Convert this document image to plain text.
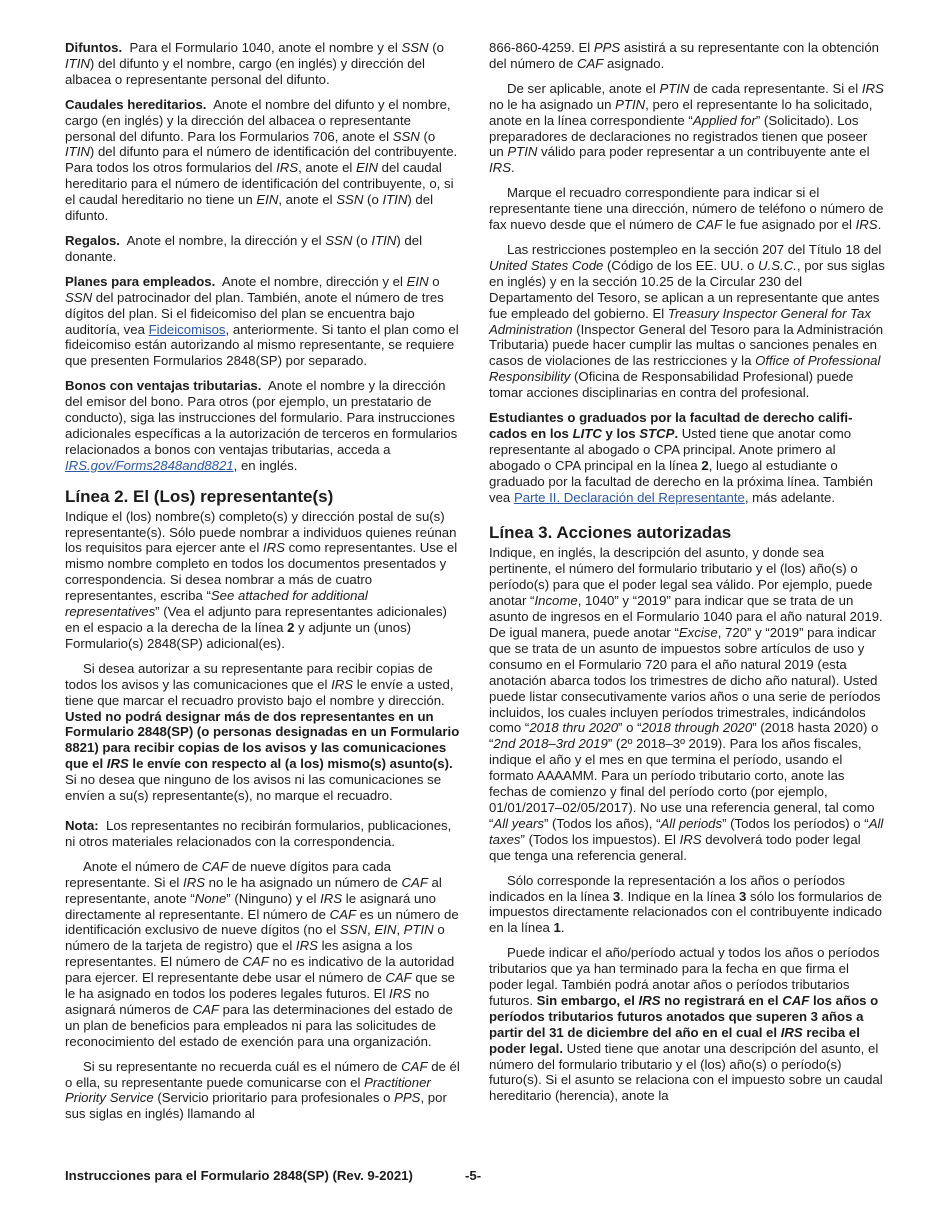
Difuntos. Para el Formulario 1040, anote el nombre y el SSN (o ITIN) del difunto y el nombre, cargo (en inglés) y dirección del albacea o representante personal del difunto.

Caudales hereditarios. Anote el nombre del difunto y el nombre, cargo (en inglés) y la dirección del albacea o representante personal del difunto. Para los Formularios 706, anote el SSN (o ITIN) del difunto para el número de identificación del contribuyente. Para todos los otros formularios del IRS, anote el EIN del caudal hereditario para el número de identificación del contribuyente, o, si el caudal hereditario no tiene un EIN, anote el SSN (o ITIN) del difunto.

Regalos. Anote el nombre, la dirección y el SSN (o ITIN) del donante.

Planes para empleados. Anote el nombre, dirección y el EIN o SSN del patrocinador del plan. También, anote el número de tres dígitos del plan. Si el fideicomiso del plan se encuentra bajo auditoría, vea Fideicomisos, anteriormente. Si tanto el plan como el fideicomiso están autorizando al mismo representante, se requiere que presenten Formularios 2848(SP) por separado.

Bonos con ventajas tributarias. Anote el nombre y la dirección del emisor del bono. Para otros (por ejemplo, un prestatario de conducto), siga las instrucciones del formulario. Para instrucciones adicionales específicas a la autorización de terceros en formularios relacionados a bonos con ventajas tributarias, acceda a IRS.gov/Forms2848and8821, en inglés.

Línea 2. El (Los) representante(s)

Indique el (los) nombre(s) completo(s) y dirección postal de su(s) representante(s). Sólo puede nombrar a individuos quienes reúnan los requisitos para ejercer ante el IRS como representantes. Use el mismo nombre completo en todos los documentos presentados y correspondencia. Si desea nombrar a más de cuatro representantes, escriba “See attached for additional representatives” (Vea el adjunto para representantes adicionales) en el espacio a la derecha de la línea 2 y adjunte un (unos) Formulario(s) 2848(SP) adicional(es).

Si desea autorizar a su representante para recibir copias de todos los avisos y las comunicaciones que el IRS le envíe a usted, tiene que marcar el recuadro provisto bajo el nombre y dirección. Usted no podrá designar más de dos representantes en un Formulario 2848(SP) (o personas designadas en un Formulario 8821) para recibir copias de los avisos y las comunicaciones que el IRS le envíe con respecto al (a los) mismo(s) asunto(s). Si no desea que ninguno de los avisos ni las comunicaciones se envíen a su(s) representante(s), no marque el recuadro.

Nota: Los representantes no recibirán formularios, publicaciones, ni otros materiales relacionados con la correspondencia.

Anote el número de CAF de nueve dígitos para cada representante. Si el IRS no le ha asignado un número de CAF al representante, anote “None” (Ninguno) y el IRS le asignará uno directamente al representante. El número de CAF es un número de identificación exclusivo de nueve dígitos (no el SSN, EIN, PTIN o número de la tarjeta de registro) que el IRS les asigna a los representantes. El número de CAF no es indicativo de la autoridad para ejercer. El representante debe usar el número de CAF que se le ha asignado en todos los poderes legales futuros. El IRS no asignará números de CAF para las determinaciones del estado de un plan de beneficios para empleados ni para las solicitudes de reconocimiento del estado de exención para una organización.

Si su representante no recuerda cuál es el número de CAF de él o ella, su representante puede comunicarse con el Practitioner Priority Service (Servicio prioritario para profesionales o PPS, por sus siglas en inglés) llamando al

866-860-4259. El PPS asistirá a su representante con la obtención del número de CAF asignado.

De ser aplicable, anote el PTIN de cada representante. Si el IRS no le ha asignado un PTIN, pero el representante lo ha solicitado, anote en la línea correspondiente “Applied for” (Solicitado). Los preparadores de declaraciones no registrados tienen que poseer un PTIN válido para poder representar a un contribuyente ante el IRS.

Marque el recuadro correspondiente para indicar si el representante tiene una dirección, número de teléfono o número de fax nuevo desde que el número de CAF le fue asignado por el IRS.

Las restricciones postempleo en la sección 207 del Título 18 del United States Code (Código de los EE. UU. o U.S.C., por sus siglas en inglés) y en la sección 10.25 de la Circular 230 del Departamento del Tesoro, se aplican a un representante que antes fue empleado del gobierno. El Treasury Inspector General for Tax Administration (Inspector General del Tesoro para la Administración Tributaria) puede hacer cumplir las multas o sanciones penales en casos de violaciones de las restricciones y la Office of Professional Responsibility (Oficina de Responsabilidad Profesional) puede tomar acciones disciplinarias en contra del profesional.

Estudiantes o graduados por la facultad de derecho califi-cados en los LITC y los STCP. Usted tiene que anotar como representante al abogado o CPA principal. Anote primero al abogado o CPA principal en la línea 2, luego al estudiante o graduado por la facultad de derecho en la próxima línea. También vea Parte II. Declaración del Representante, más adelante.

Línea 3. Acciones autorizadas

Indique, en inglés, la descripción del asunto, y donde sea pertinente, el número del formulario tributario y el (los) año(s) o período(s) para que el poder legal sea válido. Por ejemplo, puede anotar “Income, 1040” y “2019” para indicar que se trata de un asunto de ingresos en el Formulario 1040 para el año natural 2019. De igual manera, puede anotar “Excise, 720” y “2019” para indicar que se trata de un asunto de impuestos sobre artículos de uso y consumo en el Formulario 720 para el año natural 2019 (esta anotación abarca todos los trimestres de dicho año natural). Usted puede listar consecutivamente varios años o una serie de períodos incluidos, los cuales incluyen períodos trimestrales, indicándolos como “2018 thru 2020” o “2018 through 2020” (2018 hasta 2020) o “2nd 2018–3rd 2019” (2º 2018–3º 2019). Para los años fiscales, indique el año y el mes en que termina el período, usando el formato AAAAMM. Para un período tributario corto, anote las fechas de comienzo y final del período corto (por ejemplo, 01/01/2017–02/05/2017). No use una referencia general, tal como “All years” (Todos los años), “All periods” (Todos los períodos) o “All taxes” (Todos los impuestos). El IRS devolverá todo poder legal que tenga una referencia general.

Sólo corresponde la representación a los años o períodos indicados en la línea 3. Indique en la línea 3 sólo los formularios de impuestos directamente relacionados con el contribuyente indicado en la línea 1.

Puede indicar el año/período actual y todos los años o períodos tributarios que ya han terminado para la fecha en que firma el poder legal. También podrá anotar años o períodos tributarios futuros. Sin embargo, el IRS no registrará en el CAF los años o períodos tributarios futuros anotados que superen 3 años a partir del 31 de diciembre del año en el cual el IRS reciba el poder legal. Usted tiene que anotar una descripción del asunto, el número del formulario tributario y el (los) año(s) o período(s) futuro(s). Si el asunto se relaciona con el impuesto sobre un caudal hereditario (herencia), anote la

Instrucciones para el Formulario 2848(SP) (Rev. 9-2021)	-5-
